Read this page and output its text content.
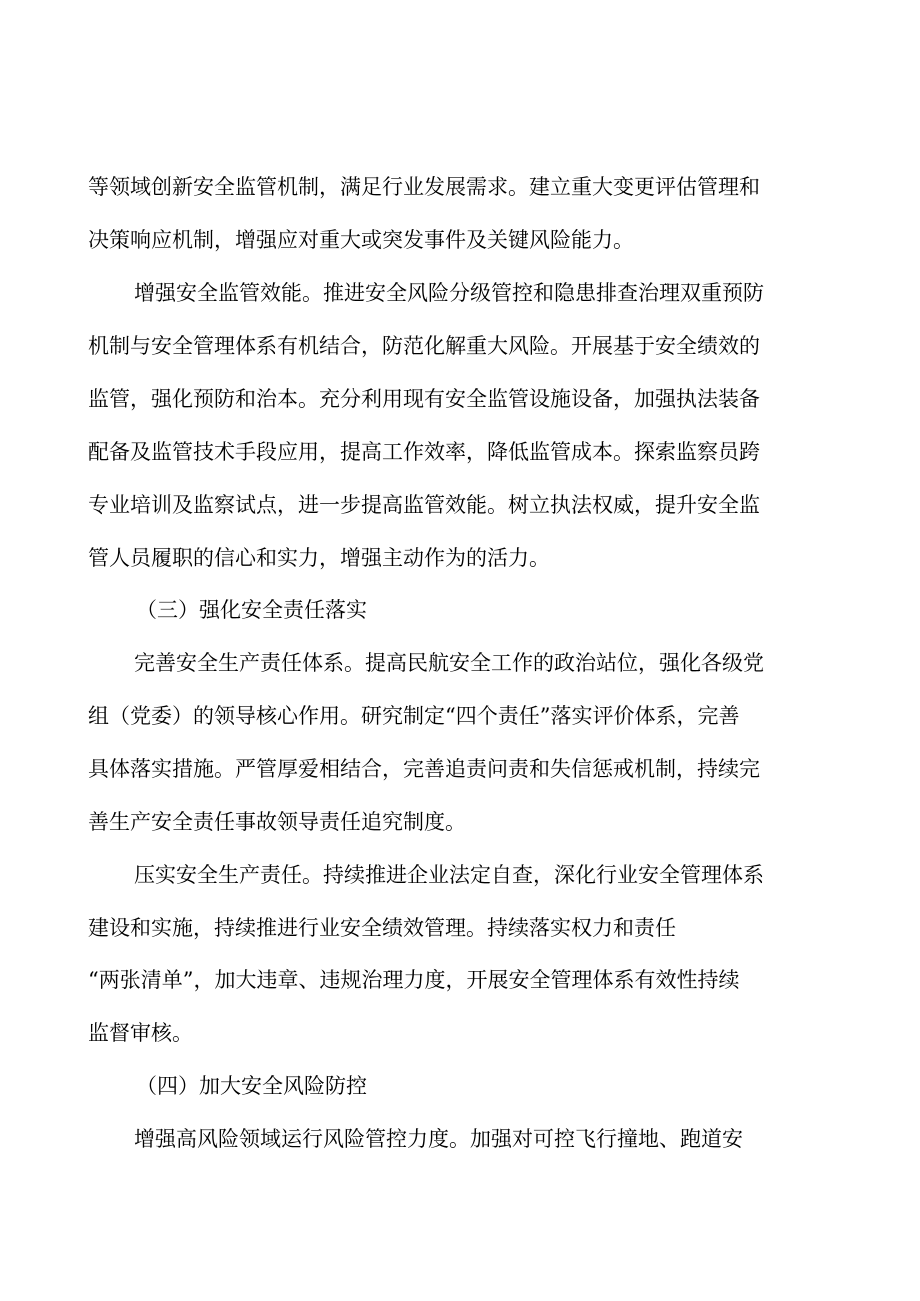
等领域创新安全监管机制，满足行业发展需求。建立重大变更评估管理和
决策响应机制，增强应对重大或突发事件及关键风险能力。
增强安全监管效能。推进安全风险分级管控和隐患排查治理双重预防
机制与安全管理体系有机结合，防范化解重大风险。开展基于安全绩效的
监管，强化预防和治本。充分利用现有安全监管设施设备，加强执法装备
配备及监管技术手段应用，提高工作效率，降低监管成本。探索监察员跨
专业培训及监察试点，进一步提高监管效能。树立执法权威，提升安全监
管人员履职的信心和实力，增强主动作为的活力。
（三）强化安全责任落实
完善安全生产责任体系。提高民航安全工作的政治站位，强化各级党
组（党委）的领导核心作用。研究制定“四个责任”落实评价体系，完善
具体落实措施。严管厚爱相结合，完善追责问责和失信惩戒机制，持续完
善生产安全责任事故领导责任追究制度。
压实安全生产责任。持续推进企业法定自查，深化行业安全管理体系
建设和实施，持续推进行业安全绩效管理。持续落实权力和责任
“两张清单”，加大违章、违规治理力度，开展安全管理体系有效性持续
监督审核。
（四）加大安全风险防控
增强高风险领域运行风险管控力度。加强对可控飞行撞地、跑道安
